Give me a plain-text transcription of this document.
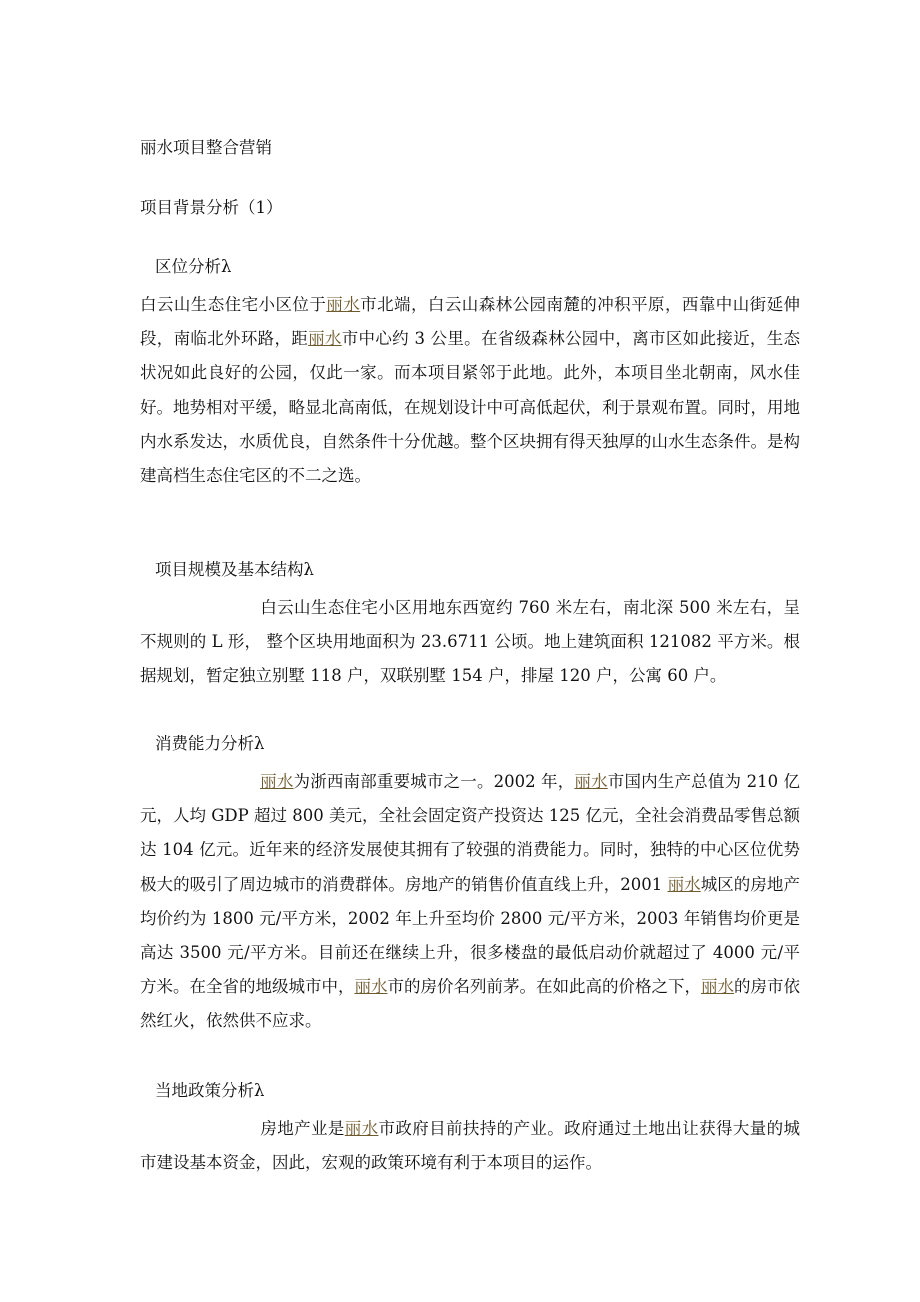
丽水项目整合营销
项目背景分析（1）
区位分析λ

白云山生态住宅小区位于丽水市北端，白云山森林公园南麓的冲积平原，西靠中山街延伸段，南临北外环路，距丽水市中心约 3 公里。在省级森林公园中，离市区如此接近，生态状况如此良好的公园，仅此一家。而本项目紧邻于此地。此外，本项目坐北朝南，风水佳好。地势相对平缓，略显北高南低，在规划设计中可高低起伏，利于景观布置。同时，用地内水系发达，水质优良，自然条件十分优越。整个区块拥有得天独厚的山水生态条件。是构建高档生态住宅区的不二之选。

项目规模及基本结构λ

白云山生态住宅小区用地东西宽约 760 米左右，南北深 500 米左右，呈不规则的 L 形， 整个区块用地面积为 23.6711 公顷。地上建筑面积 121082 平方米。根据规划，暂定独立别墅 118 户，双联别墅 154 户，排屋 120 户，公寓 60 户。

消费能力分析λ

丽水为浙西南部重要城市之一。2002 年，丽水市国内生产总值为 210 亿元，人均 GDP 超过 800 美元，全社会固定资产投资达 125 亿元，全社会消费品零售总额达 104 亿元。近年来的经济发展使其拥有了较强的消费能力。同时，独特的中心区位优势极大的吸引了周边城市的消费群体。房地产的销售价值直线上升，2001 丽水城区的房地产均价约为 1800 元/平方米，2002 年上升至均价 2800 元/平方米，2003 年销售均价更是高达 3500 元/平方米。目前还在继续上升，很多楼盘的最低启动价就超过了 4000 元/平方米。在全省的地级城市中，丽水市的房价名列前茅。在如此高的价格之下，丽水的房市依然红火，依然供不应求。

当地政策分析λ

房地产业是丽水市政府目前扶持的产业。政府通过土地出让获得大量的城市建设基本资金，因此，宏观的政策环境有利于本项目的运作。
